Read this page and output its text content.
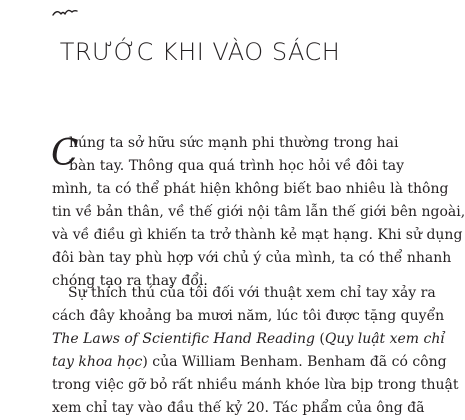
TRƯỚC KHI VÀO SÁCH
C
húng ta sở hữu sức mạnh phi thường trong hai
bàn tay. Thông qua quá trình học hỏi về đôi tay
mình, ta có thể phát hiện không biết bao nhiêu là thông
tin về bản thân, về thế giới nội tâm lẫn thế giới bên ngoài,
và về điều gì khiến ta trở thành kẻ mạt hạng. Khi sử dụng
đôi bàn tay phù hợp với chủ ý của mình, ta có thể nhanh
chóng tạo ra thay đổi.
Sự thích thú của tôi đối với thuật xem chỉ tay xảy ra
cách đây khoảng ba mươi năm, lúc tôi được tặng quyển
The Laws of Scientific Hand Reading (Quy luật xem chỉ
tay khoa học) của William Benham. Benham đã có công
trong việc gỡ bỏ rất nhiều mánh khóe lừa bịp trong thuật
xem chỉ tay vào đầu thế kỷ 20. Tác phẩm của ông đã
